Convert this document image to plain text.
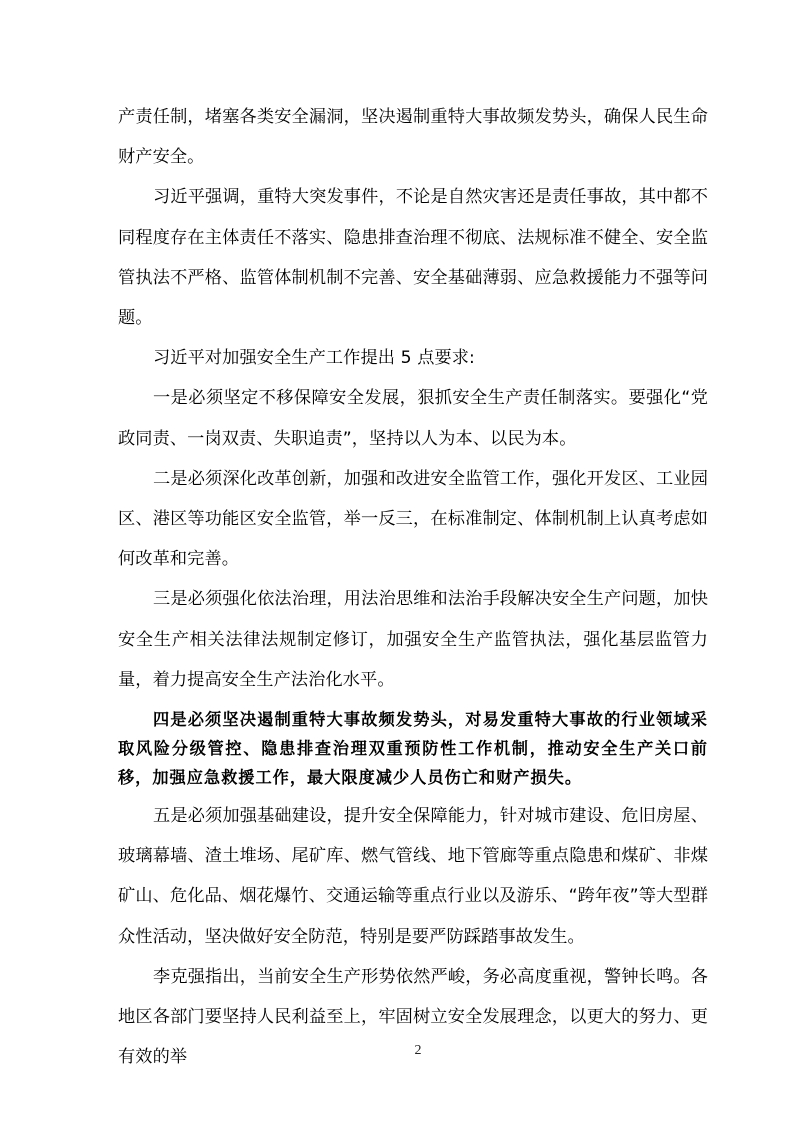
产责任制，堵塞各类安全漏洞，坚决遏制重特大事故频发势头，确保人民生命财产安全。

习近平强调，重特大突发事件，不论是自然灾害还是责任事故，其中都不同程度存在主体责任不落实、隐患排查治理不彻底、法规标准不健全、安全监管执法不严格、监管体制机制不完善、安全基础薄弱、应急救援能力不强等问题。

习近平对加强安全生产工作提出 5 点要求:

一是必须坚定不移保障安全发展，狠抓安全生产责任制落实。要强化“党政同责、一岗双责、失职追责”，坚持以人为本、以民为本。

二是必须深化改革创新，加强和改进安全监管工作，强化开发区、工业园区、港区等功能区安全监管，举一反三，在标准制定、体制机制上认真考虑如何改革和完善。

三是必须强化依法治理，用法治思维和法治手段解决安全生产问题，加快安全生产相关法律法规制定修订，加强安全生产监管执法，强化基层监管力量，着力提高安全生产法治化水平。

四是必须坚决遏制重特大事故频发势头，对易发重特大事故的行业领域采取风险分级管控、隐患排查治理双重预防性工作机制，推动安全生产关口前移，加强应急救援工作，最大限度减少人员伤亡和财产损失。

五是必须加强基础建设，提升安全保障能力，针对城市建设、危旧房屋、玻璃幕墙、渣土堆场、尾矿库、燃气管线、地下管廊等重点隐患和煤矿、非煤矿山、危化品、烟花爆竹、交通运输等重点行业以及游乐、“跨年夜”等大型群众性活动，坚决做好安全防范，特别是要严防踩踏事故发生。

李克强指出，当前安全生产形势依然严峻，务必高度重视，警钟长鸣。各地区各部门要坚持人民利益至上，牢固树立安全发展理念，以更大的努力、更有效的举	2
